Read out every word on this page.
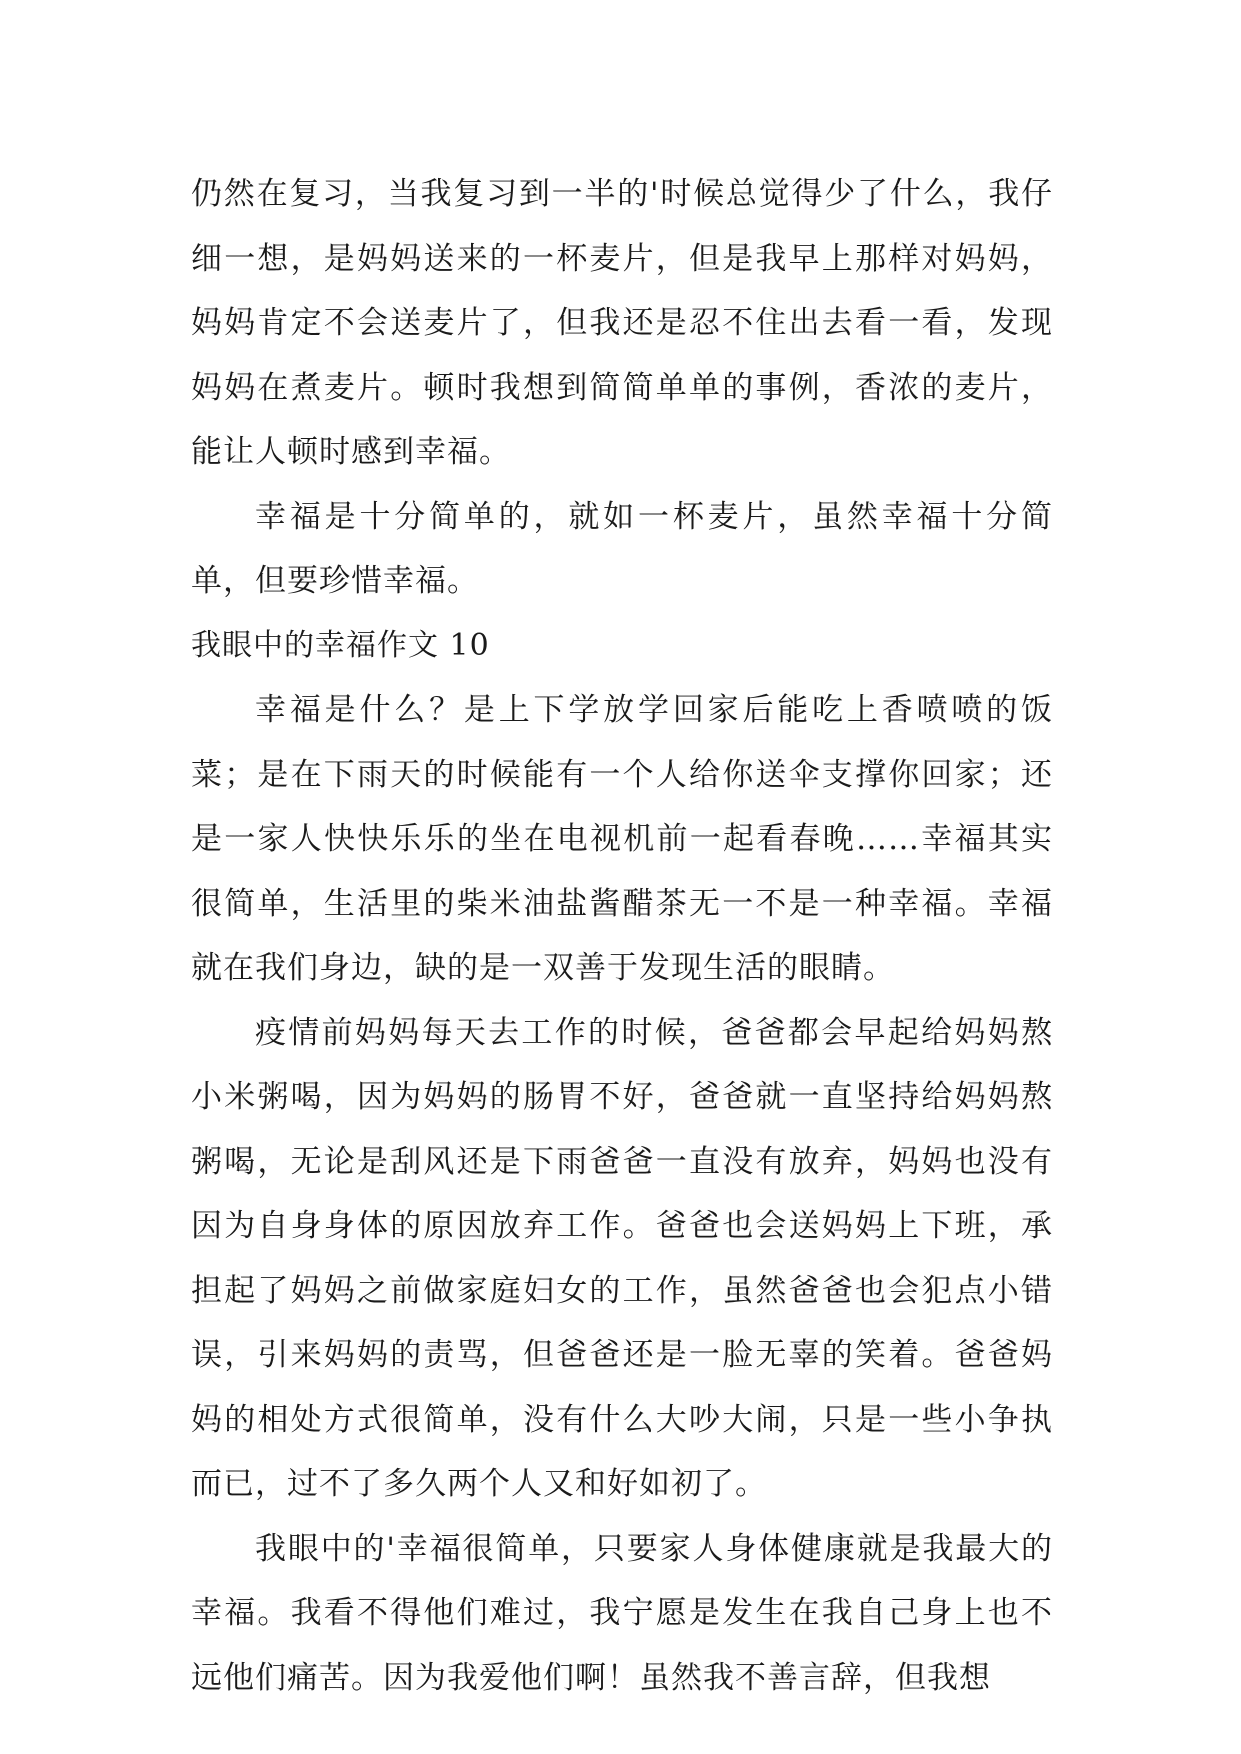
仍然在复习，当我复习到一半的'时候总觉得少了什么，我仔细一想，是妈妈送来的一杯麦片，但是我早上那样对妈妈，妈妈肯定不会送麦片了，但我还是忍不住出去看一看，发现妈妈在煮麦片。顿时我想到简简单单的事例，香浓的麦片，能让人顿时感到幸福。

幸福是十分简单的，就如一杯麦片，虽然幸福十分简单，但要珍惜幸福。

我眼中的幸福作文 10

幸福是什么？是上下学放学回家后能吃上香喷喷的饭菜；是在下雨天的时候能有一个人给你送伞支撑你回家；还是一家人快快乐乐的坐在电视机前一起看春晚……幸福其实很简单，生活里的柴米油盐酱醋茶无一不是一种幸福。幸福就在我们身边，缺的是一双善于发现生活的眼睛。

疫情前妈妈每天去工作的时候，爸爸都会早起给妈妈熬小米粥喝，因为妈妈的肠胃不好，爸爸就一直坚持给妈妈熬粥喝，无论是刮风还是下雨爸爸一直没有放弃，妈妈也没有因为自身身体的原因放弃工作。爸爸也会送妈妈上下班，承担起了妈妈之前做家庭妇女的工作，虽然爸爸也会犯点小错误，引来妈妈的责骂，但爸爸还是一脸无辜的笑着。爸爸妈妈的相处方式很简单，没有什么大吵大闹，只是一些小争执而已，过不了多久两个人又和好如初了。

我眼中的'幸福很简单，只要家人身体健康就是我最大的幸福。我看不得他们难过，我宁愿是发生在我自己身上也不远他们痛苦。因为我爱他们啊！虽然我不善言辞，但我想
